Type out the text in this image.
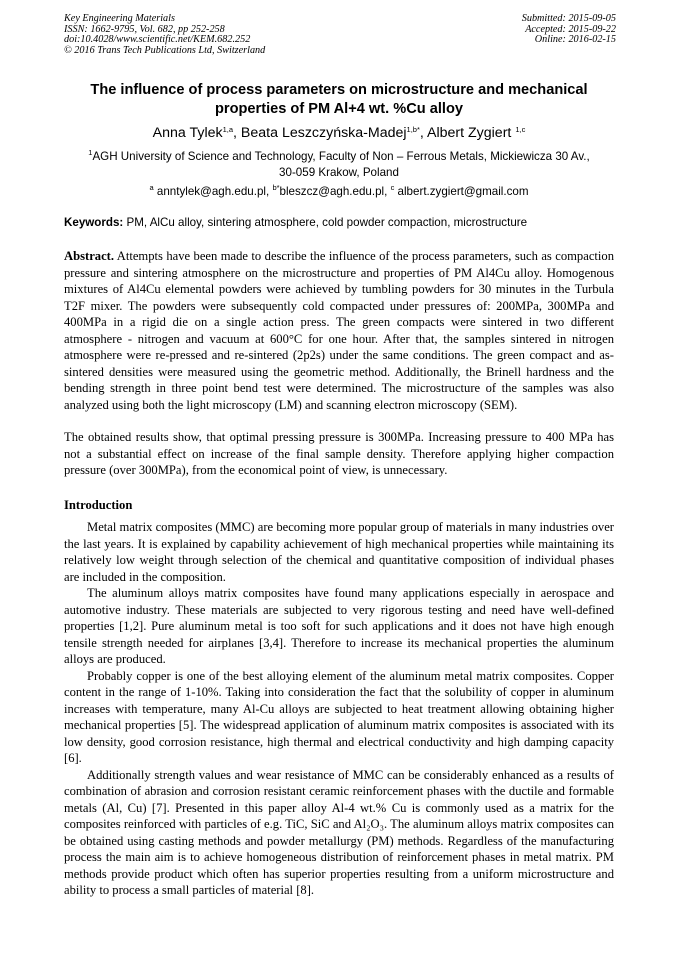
Key Engineering Materials
ISSN: 1662-9795, Vol. 682, pp 252-258
doi:10.4028/www.scientific.net/KEM.682.252
© 2016 Trans Tech Publications Ltd, Switzerland
Submitted: 2015-09-05
Accepted: 2015-09-22
Online: 2016-02-15
The influence of process parameters on microstructure and mechanical
properties of PM Al+4 wt. %Cu alloy
Anna Tylek$^{1,a}$, Beata Leszczyńska-Madej$^{1,b*}$, Albert Zygiert $^{1,c}$
$^1$AGH University of Science and Technology, Faculty of Non – Ferrous Metals, Mickiewicza 30 Av.,
30-059 Krakow, Poland
$^a$ anntylek@agh.edu.pl, $^{b*}$bleszcz@agh.edu.pl, $^c$ albert.zygiert@gmail.com
Keywords: PM, AlCu alloy, sintering atmosphere, cold powder compaction, microstructure

Abstract. Attempts have been made to describe the influence of the process parameters, such as compaction pressure and sintering atmosphere on the microstructure and properties of PM Al4Cu alloy. Homogenous mixtures of Al4Cu elemental powders were achieved by tumbling powders for 30 minutes in the Turbula T2F mixer. The powders were subsequently cold compacted under pressures of: 200MPa, 300MPa and 400MPa in a rigid die on a single action press. The green compacts were sintered in two different atmosphere - nitrogen and vacuum at 600°C for one hour. After that, the samples sintered in nitrogen atmosphere were re-pressed and re-sintered (2p2s) under the same conditions. The green compact and as-sintered densities were measured using the geometric method. Additionally, the Brinell hardness and the bending strength in three point bend test were determined. The microstructure of the samples was also analyzed using both the light microscopy (LM) and scanning electron microscopy (SEM).

The obtained results show, that optimal pressing pressure is 300MPa. Increasing pressure to 400 MPa has not a substantial effect on increase of the final sample density. Therefore applying higher compaction pressure (over 300MPa), from the economical point of view, is unnecessary.

Introduction

Metal matrix composites (MMC) are becoming more popular group of materials in many industries over the last years. It is explained by capability achievement of high mechanical properties while maintaining its relatively low weight through selection of the chemical and quantitative composition of individual phases are included in the composition.

The aluminum alloys matrix composites have found many applications especially in aerospace and automotive industry. These materials are subjected to very rigorous testing and need have well-defined properties [1,2]. Pure aluminum metal is too soft for such applications and it does not have high enough tensile strength needed for airplanes [3,4]. Therefore to increase its mechanical properties the aluminum alloys are produced.

Probably copper is one of the best alloying element of the aluminum metal matrix composites. Copper content in the range of 1-10%. Taking into consideration the fact that the solubility of copper in aluminum increases with temperature, many Al-Cu alloys are subjected to heat treatment allowing obtaining higher mechanical properties [5]. The widespread application of aluminum matrix composites is associated with its low density, good corrosion resistance, high thermal and electrical conductivity and high damping capacity [6].

Additionally strength values and wear resistance of MMC can be considerably enhanced as a results of combination of abrasion and corrosion resistant ceramic reinforcement phases with the ductile and formable metals (Al, Cu) [7]. Presented in this paper alloy Al-4 wt.% Cu is commonly used as a matrix for the composites reinforced with particles of e.g. TiC, SiC and Al₂O₃. The aluminum alloys matrix composites can be obtained using casting methods and powder metallurgy (PM) methods. Regardless of the manufacturing process the main aim is to achieve homogeneous distribution of reinforcement phases in metal matrix. PM methods provide product which often has superior properties resulting from a uniform microstructure and ability to process a small particles of material [8].
